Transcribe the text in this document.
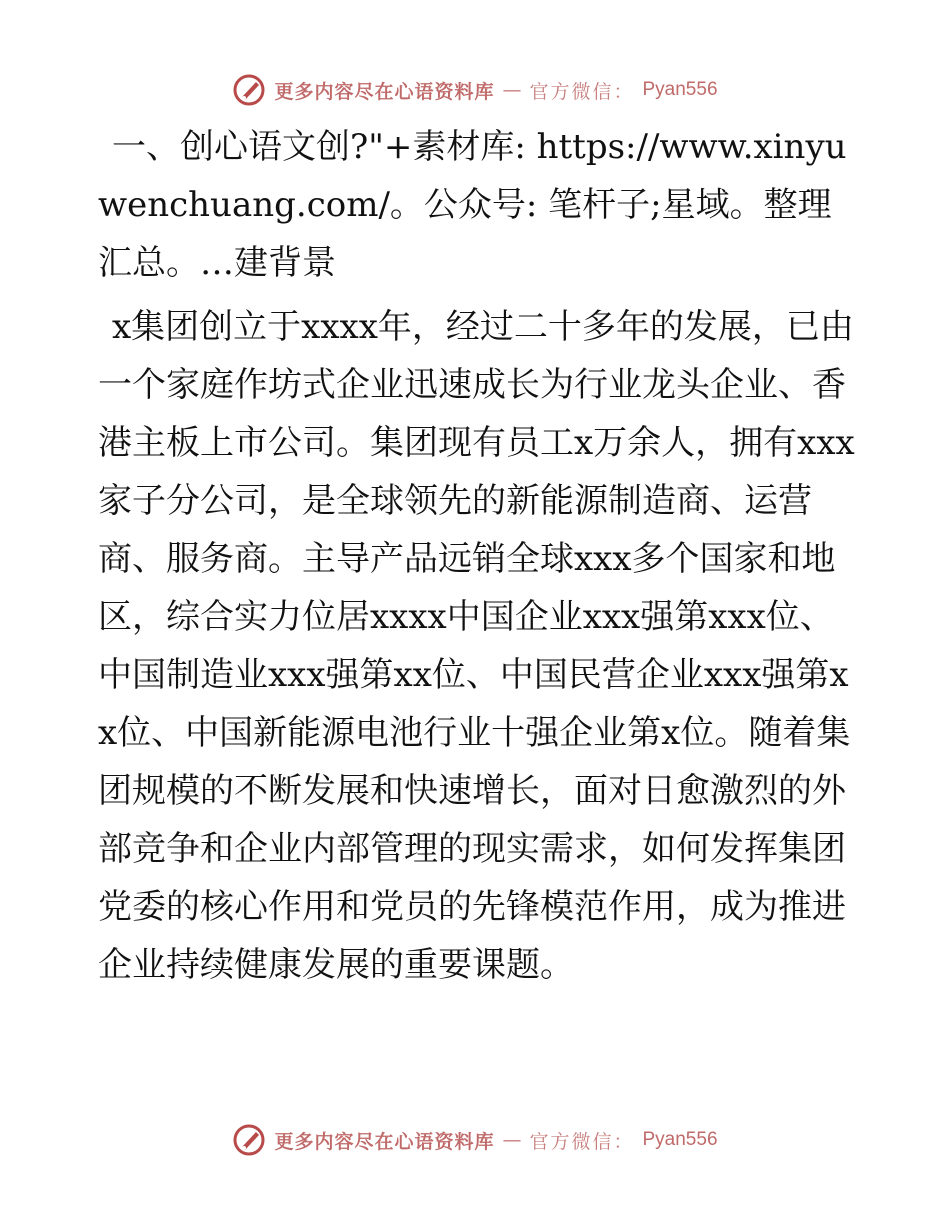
更多内容尽在心语资料库 — 官方微信： Pyan556

一、创心语文创?"+素材库: https://www.xinyuwenchuang.com/。公众号: 笔杆子;星域。整理汇总。…建背景

x集团创立于xxxx年，经过二十多年的发展，已由一个家庭作坊式企业迅速成长为行业龙头企业、香港主板上市公司。集团现有员工x万余人，拥有xxx家子分公司，是全球领先的新能源制造商、运营商、服务商。主导产品远销全球xxx多个国家和地区，综合实力位居xxxx中国企业xxx强第xxx位、中国制造业xxx强第xx位、中国民营企业xxx强第xx位、中国新能源电池行业十强企业第x位。随着集团规模的不断发展和快速增长，面对日愈激烈的外部竞争和企业内部管理的现实需求，如何发挥集团党委的核心作用和党员的先锋模范作用，成为推进企业持续健康发展的重要课题。

更多内容尽在心语资料库 — 官方微信： Pyan556
